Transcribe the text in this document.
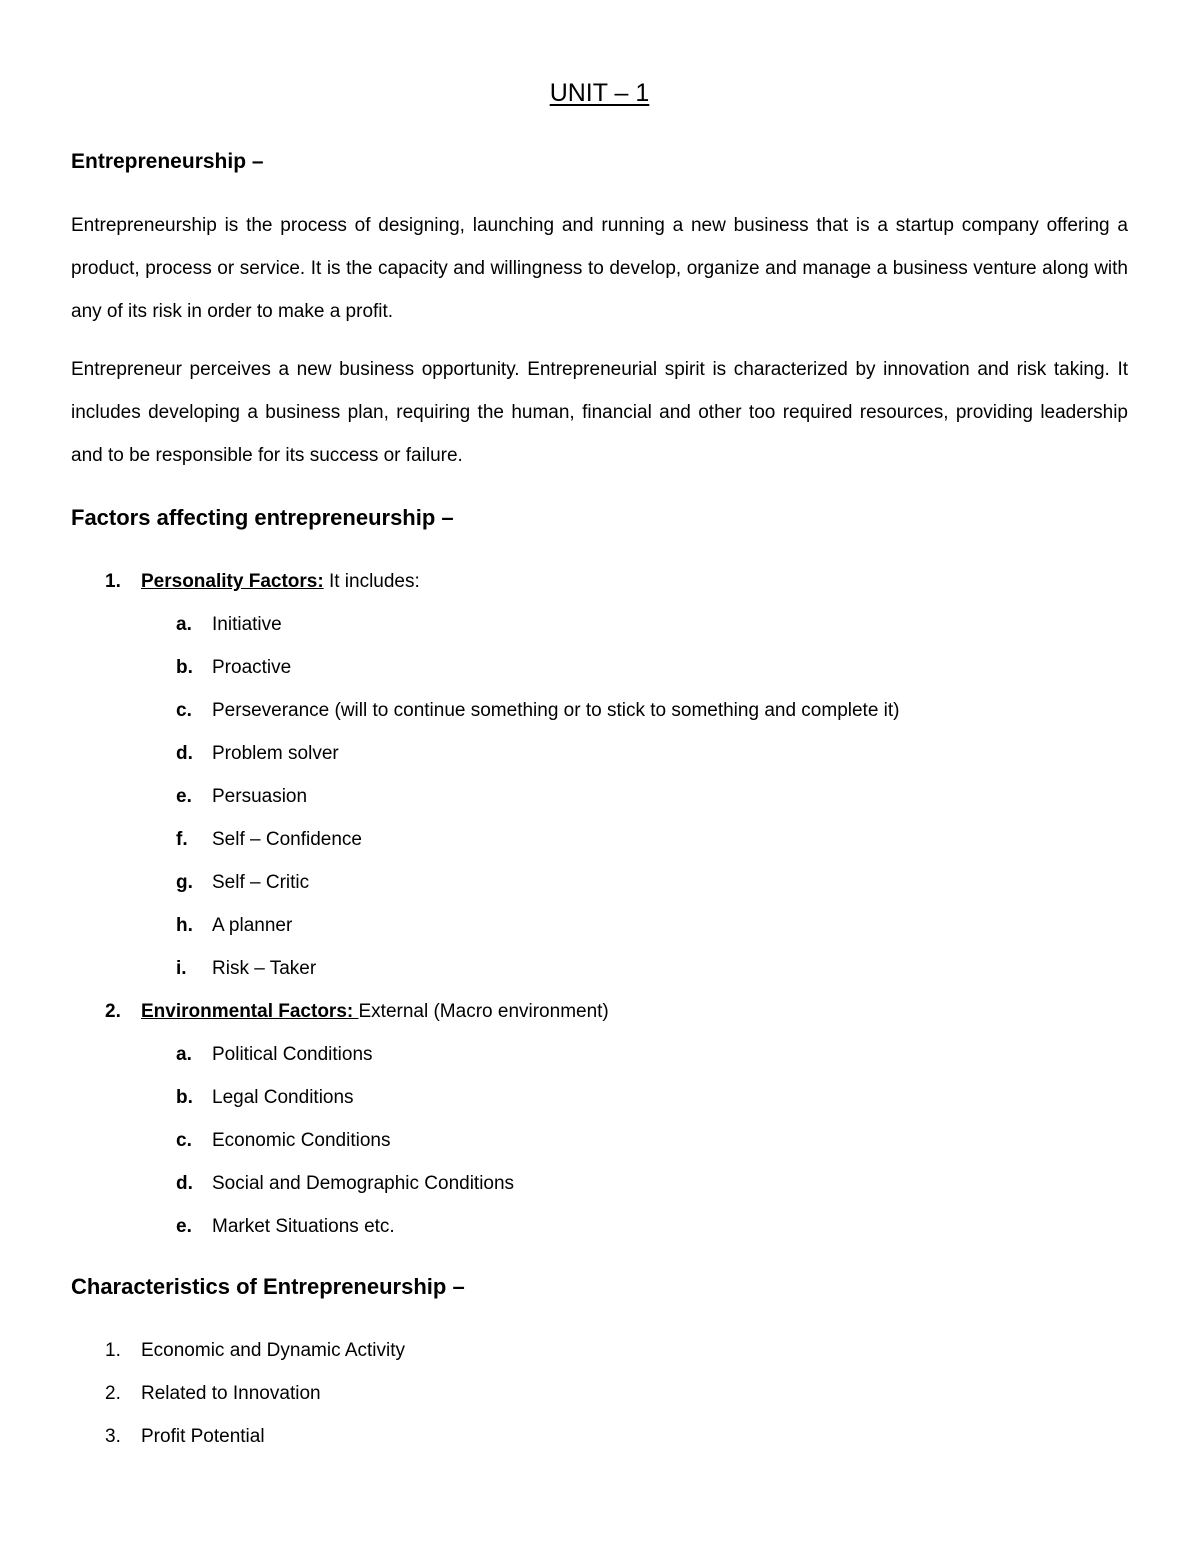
UNIT – 1
Entrepreneurship –
Entrepreneurship is the process of designing, launching and running a new business that is a startup company offering a product, process or service. It is the capacity and willingness to develop, organize and manage a business venture along with any of its risk in order to make a profit.
Entrepreneur perceives a new business opportunity. Entrepreneurial spirit is characterized by innovation and risk taking. It includes developing a business plan, requiring the human, financial and other too required resources, providing leadership and to be responsible for its success or failure.
Factors affecting entrepreneurship –
1. Personality Factors: It includes:
a. Initiative
b. Proactive
c. Perseverance (will to continue something or to stick to something and complete it)
d. Problem solver
e. Persuasion
f. Self – Confidence
g. Self – Critic
h. A planner
i. Risk – Taker
2. Environmental Factors: External (Macro environment)
a. Political Conditions
b. Legal Conditions
c. Economic Conditions
d. Social and Demographic Conditions
e. Market Situations etc.
Characteristics of Entrepreneurship –
1. Economic and Dynamic Activity
2. Related to Innovation
3. Profit Potential
